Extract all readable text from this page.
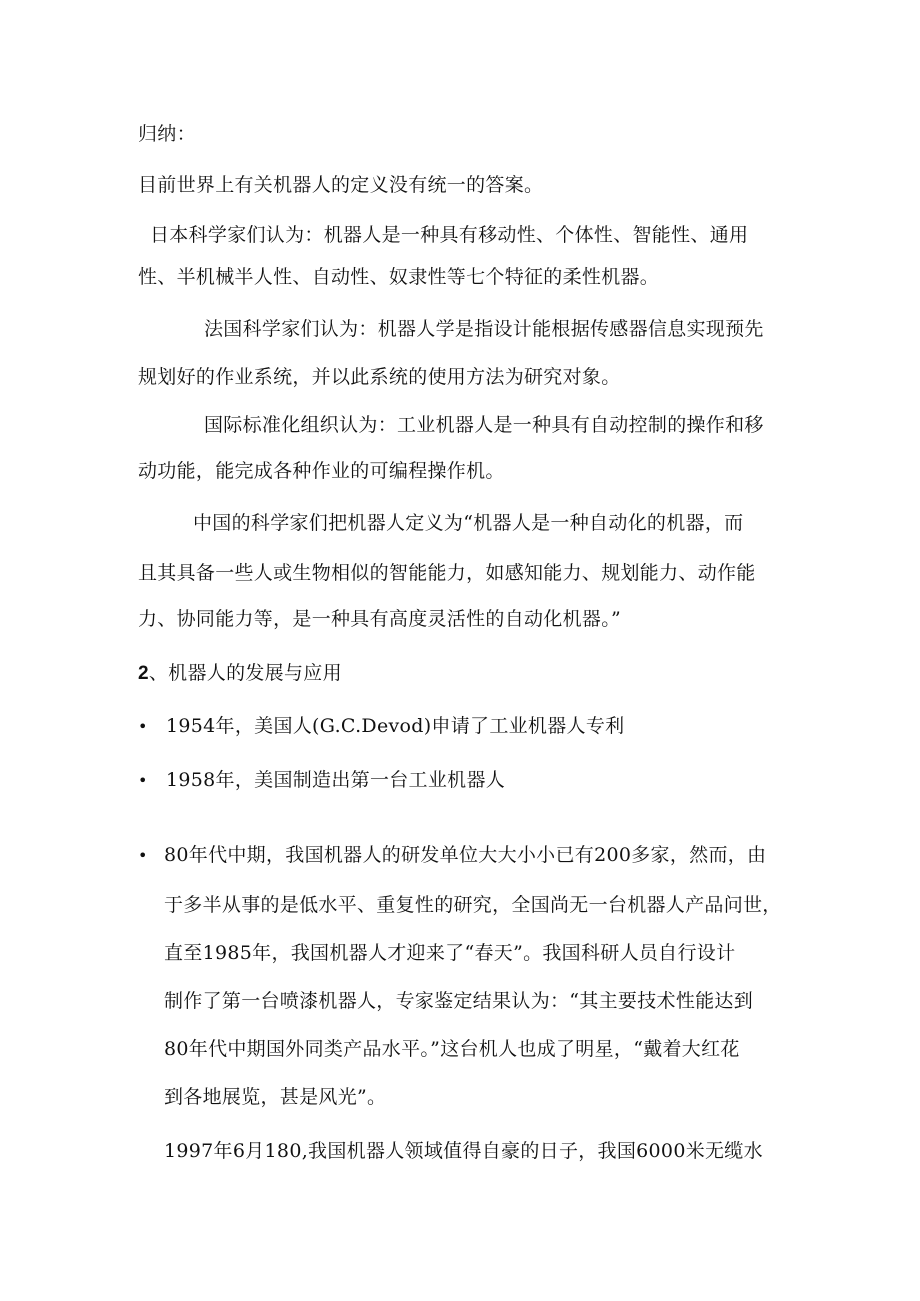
归纳：
目前世界上有关机器人的定义没有统一的答案。
日本科学家们认为：机器人是一种具有移动性、个体性、智能性、通用
性、半机械半人性、自动性、奴隶性等七个特征的柔性机器。
法国科学家们认为：机器人学是指设计能根据传感器信息实现预先
规划好的作业系统，并以此系统的使用方法为研究对象。
国际标准化组织认为：工业机器人是一种具有自动控制的操作和移
动功能，能完成各种作业的可编程操作机。
中国的科学家们把机器人定义为“机器人是一种自动化的机器，而
且其具备一些人或生物相似的智能能力，如感知能力、规划能力、动作能
力、协同能力等，是一种具有高度灵活性的自动化机器。”
2、机器人的发展与应用
• 1954年，美国人(G.C.Devod)申请了工业机器人专利
• 1958年，美国制造出第一台工业机器人
• 80年代中期，我国机器人的研发单位大大小小已有200多家，然而，由
于多半从事的是低水平、重复性的研究，全国尚无一台机器人产品问世，
直至1985年，我国机器人才迎来了“春天”。我国科研人员自行设计
制作了第一台喷漆机器人，专家鉴定结果认为：“其主要技术性能达到
80年代中期国外同类产品水平。”这台机人也成了明星，“戴着大红花
到各地展览，甚是风光”。
1997年6月180,我国机器人领域值得自豪的日子，我国6000米无缆水
